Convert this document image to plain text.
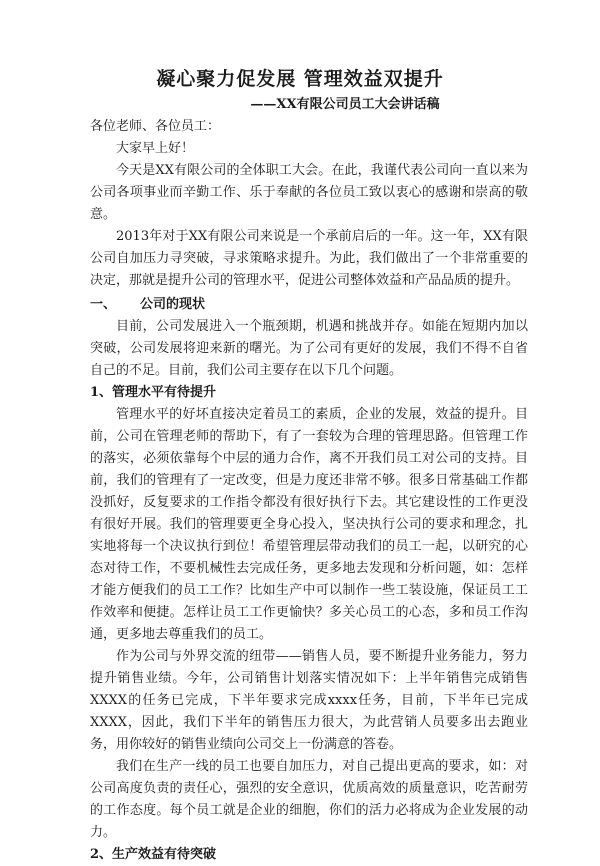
凝心聚力促发展 管理效益双提升
——XX有限公司员工大会讲话稿

各位老师、各位员工：

大家早上好！

今天是XX有限公司的全体职工大会。在此，我谨代表公司向一直以来为公司各项事业而辛勤工作、乐于奉献的各位员工致以衷心的感谢和崇高的敬意。

2013年对于XX有限公司来说是一个承前启后的一年。这一年，XX有限公司自加压力寻突破，寻求策略求提升。为此，我们做出了一个非常重要的决定，那就是提升公司的管理水平，促进公司整体效益和产品品质的提升。

一、 公司的现状

目前，公司发展进入一个瓶颈期，机遇和挑战并存。如能在短期内加以突破，公司发展将迎来新的曙光。为了公司有更好的发展，我们不得不自省自己的不足。目前，我们公司主要存在以下几个问题。

1、管理水平有待提升

管理水平的好坏直接决定着员工的素质，企业的发展，效益的提升。目前，公司在管理老师的帮助下，有了一套较为合理的管理思路。但管理工作的落实，必须依靠每个中层的通力合作，离不开我们员工对公司的支持。目前，我们的管理有了一定改变，但是力度还非常不够。很多日常基础工作都没抓好，反复要求的工作指令都没有很好执行下去。其它建设性的工作更没有很好开展。我们的管理要更全身心投入，坚决执行公司的要求和理念，扎实地将每一个决议执行到位！希望管理层带动我们的员工一起，以研究的心态对待工作，不要机械性去完成任务，更多地去发现和分析问题，如：怎样才能方便我们的员工工作？比如生产中可以制作一些工装设施，保证员工工作效率和便捷。怎样让员工工作更愉快？多关心员工的心态，多和员工作沟通，更多地去尊重我们的员工。

作为公司与外界交流的纽带——销售人员，要不断提升业务能力，努力提升销售业绩。今年，公司销售计划落实情况如下：上半年销售完成销售XXXX的任务已完成，下半年要求完成xxxx任务，目前，下半年已完成XXXX，因此，我们下半年的销售压力很大，为此营销人员要多出去跑业务，用你较好的销售业绩向公司交上一份满意的答卷。

我们在生产一线的员工也要自加压力，对自己提出更高的要求，如：对公司高度负责的责任心，强烈的安全意识，优质高效的质量意识，吃苦耐劳的工作态度。每个员工就是企业的细胞，你们的活力必将成为企业发展的动力。

2、生产效益有待突破
